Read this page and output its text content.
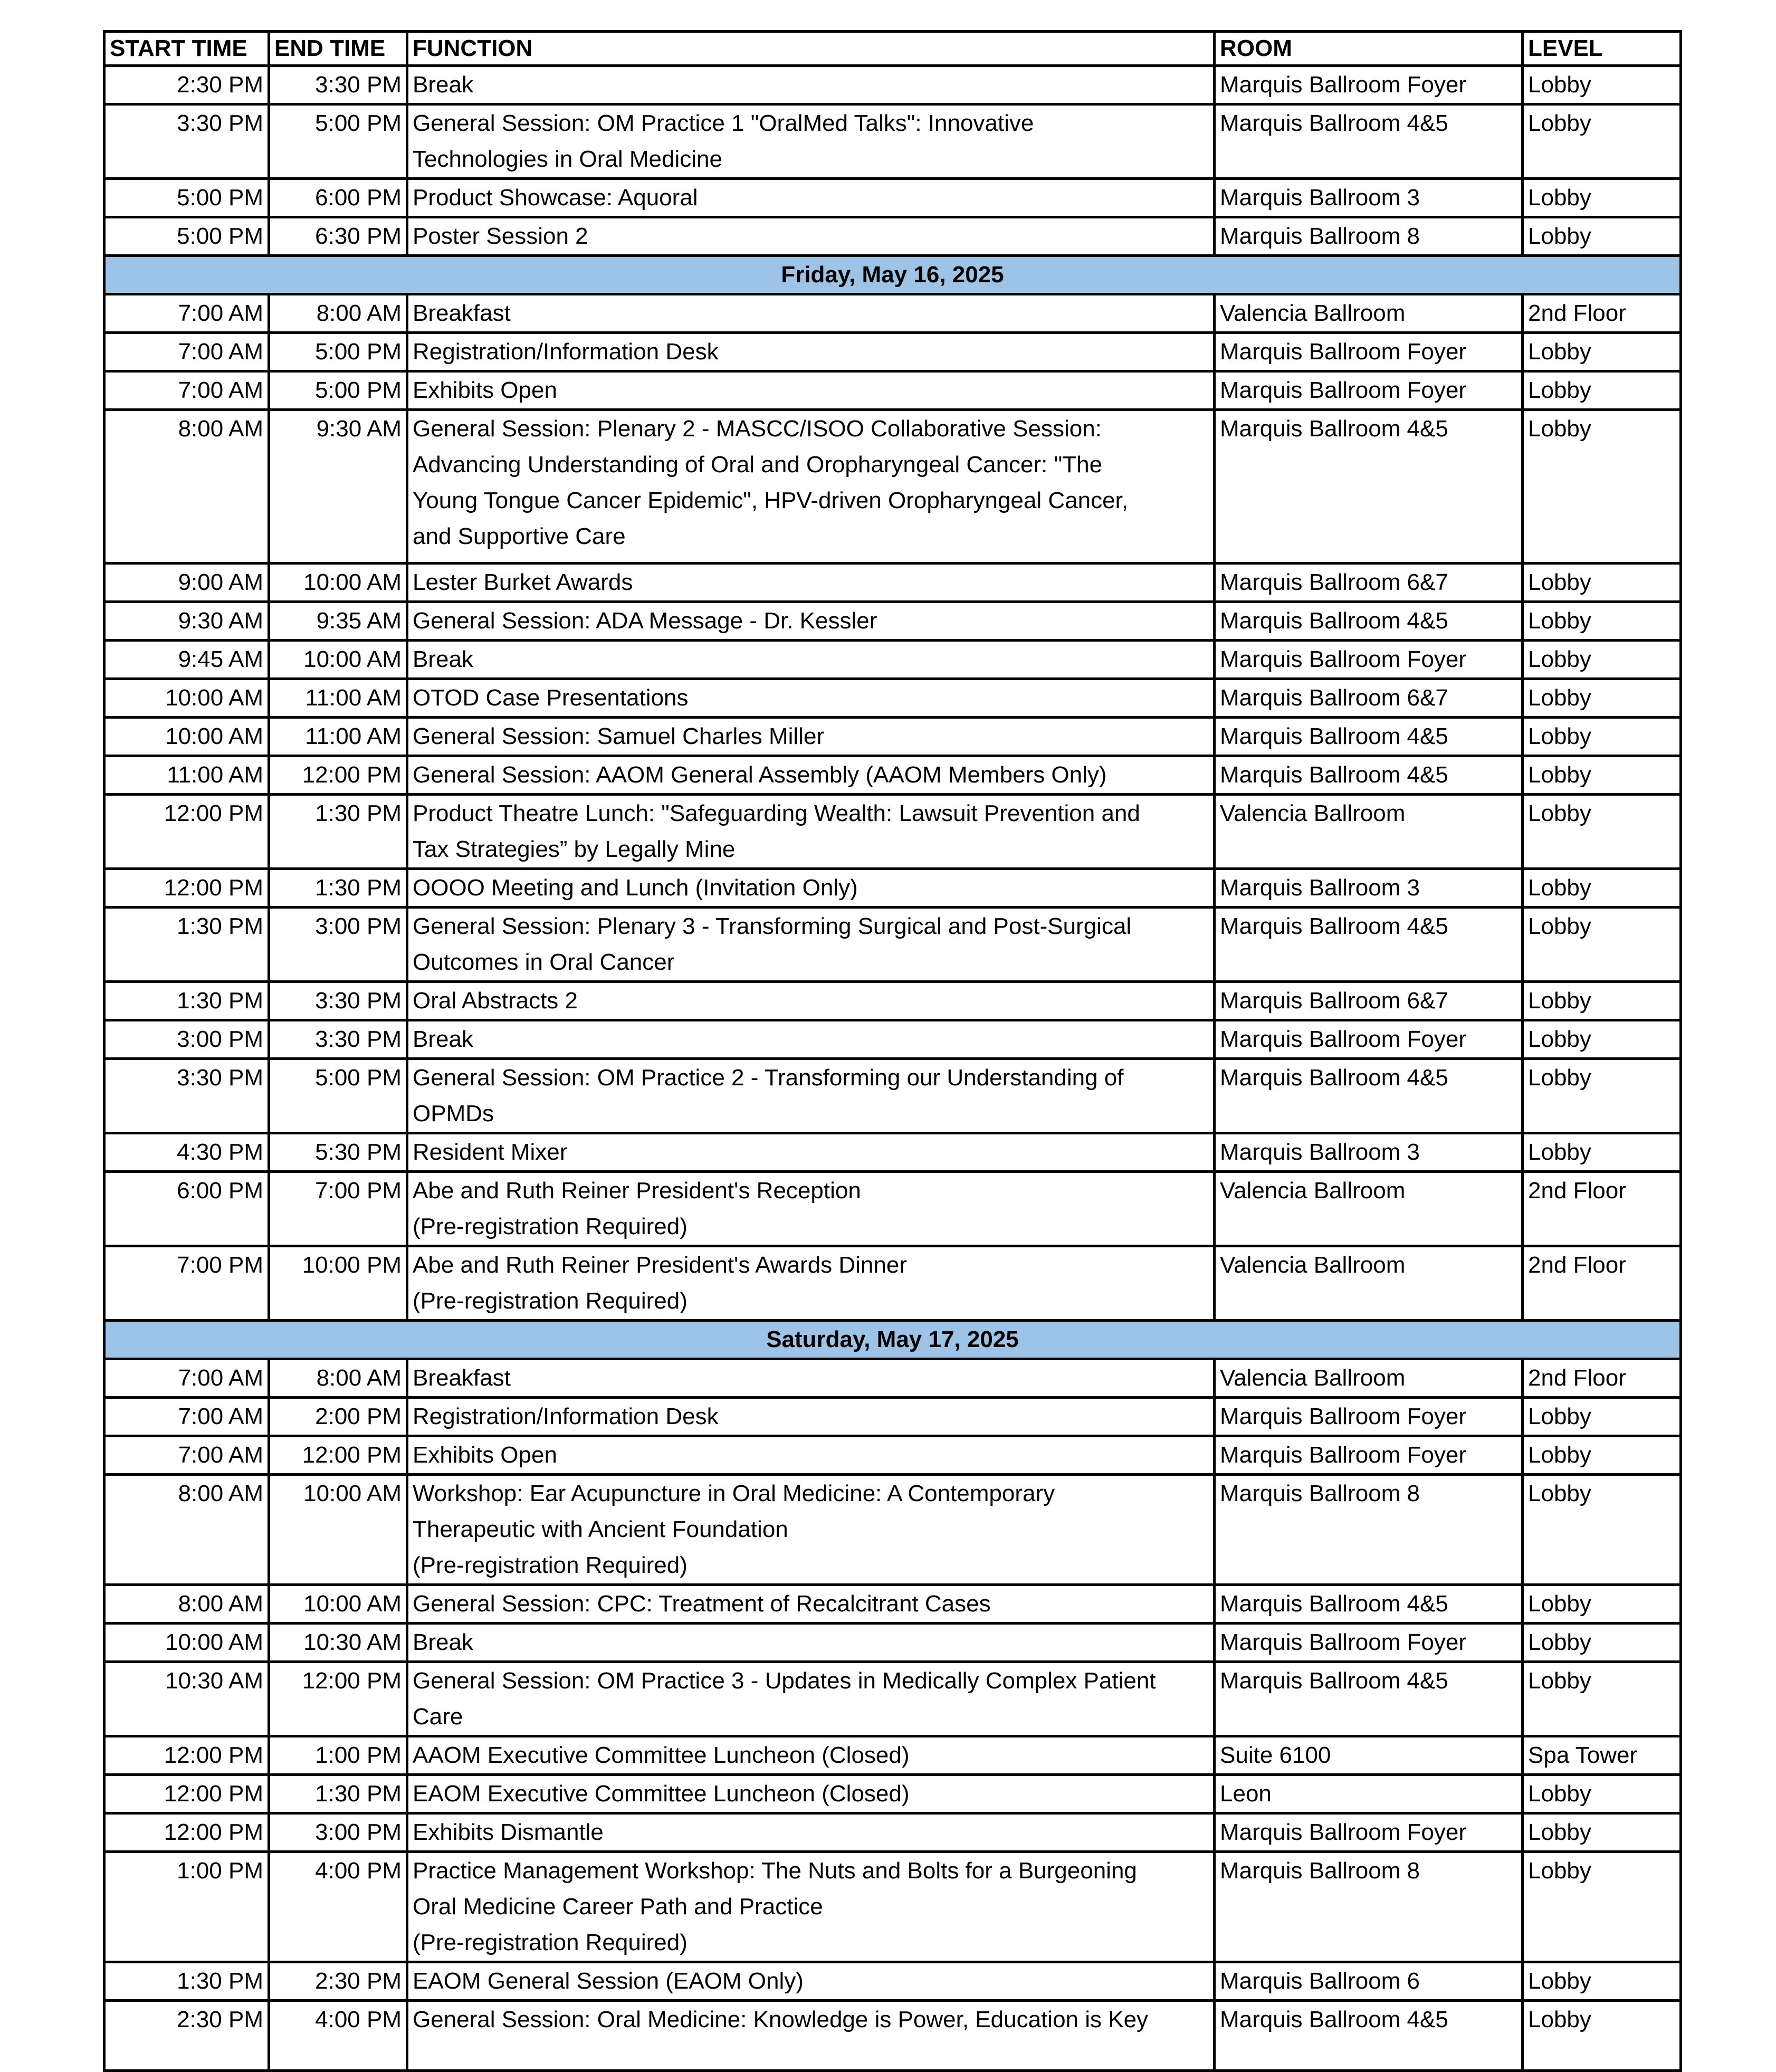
START TIME	END TIME	FUNCTION	ROOM	LEVEL
2:30 PM	3:30 PM	Break	Marquis Ballroom Foyer	Lobby
3:30 PM	5:00 PM	General Session: OM Practice 1 "OralMed Talks": Innovative
Technologies in Oral Medicine	Marquis Ballroom 4&5	Lobby
5:00 PM	6:00 PM	Product Showcase: Aquoral	Marquis Ballroom 3	Lobby
5:00 PM	6:30 PM	Poster Session 2	Marquis Ballroom 8	Lobby
Friday, May 16, 2025				
7:00 AM	8:00 AM	Breakfast	Valencia Ballroom	2nd Floor
7:00 AM	5:00 PM	Registration/Information Desk	Marquis Ballroom Foyer	Lobby
7:00 AM	5:00 PM	Exhibits Open	Marquis Ballroom Foyer	Lobby
8:00 AM	9:30 AM	General Session: Plenary 2 - MASCC/ISOO Collaborative Session:
Advancing Understanding of Oral and Oropharyngeal Cancer: "The
Young Tongue Cancer Epidemic", HPV-driven Oropharyngeal Cancer,
and Supportive Care	Marquis Ballroom 4&5	Lobby
9:00 AM	10:00 AM	Lester Burket Awards	Marquis Ballroom 6&7	Lobby
9:30 AM	9:35 AM	General Session: ADA Message - Dr. Kessler	Marquis Ballroom 4&5	Lobby
9:45 AM	10:00 AM	Break	Marquis Ballroom Foyer	Lobby
10:00 AM	11:00 AM	OTOD Case Presentations	Marquis Ballroom 6&7	Lobby
10:00 AM	11:00 AM	General Session: Samuel Charles Miller	Marquis Ballroom 4&5	Lobby
11:00 AM	12:00 PM	General Session: AAOM General Assembly (AAOM Members Only)	Marquis Ballroom 4&5	Lobby
12:00 PM	1:30 PM	Product Theatre Lunch: "Safeguarding Wealth: Lawsuit Prevention and
Tax Strategies” by Legally Mine	Valencia Ballroom	Lobby
12:00 PM	1:30 PM	OOOO Meeting and Lunch (Invitation Only)	Marquis Ballroom 3	Lobby
1:30 PM	3:00 PM	General Session: Plenary 3 - Transforming Surgical and Post-Surgical
Outcomes in Oral Cancer	Marquis Ballroom 4&5	Lobby
1:30 PM	3:30 PM	Oral Abstracts 2	Marquis Ballroom 6&7	Lobby
3:00 PM	3:30 PM	Break	Marquis Ballroom Foyer	Lobby
3:30 PM	5:00 PM	General Session: OM Practice 2 - Transforming our Understanding of
OPMDs	Marquis Ballroom 4&5	Lobby
4:30 PM	5:30 PM	Resident Mixer	Marquis Ballroom 3	Lobby
6:00 PM	7:00 PM	Abe and Ruth Reiner President's Reception
(Pre-registration Required)	Valencia Ballroom	2nd Floor
7:00 PM	10:00 PM	Abe and Ruth Reiner President's Awards Dinner
(Pre-registration Required)	Valencia Ballroom	2nd Floor
Saturday, May 17, 2025				
7:00 AM	8:00 AM	Breakfast	Valencia Ballroom	2nd Floor
7:00 AM	2:00 PM	Registration/Information Desk	Marquis Ballroom Foyer	Lobby
7:00 AM	12:00 PM	Exhibits Open	Marquis Ballroom Foyer	Lobby
8:00 AM	10:00 AM	Workshop: Ear Acupuncture in Oral Medicine: A Contemporary
Therapeutic with Ancient Foundation
(Pre-registration Required)	Marquis Ballroom 8	Lobby
8:00 AM	10:00 AM	General Session: CPC: Treatment of Recalcitrant Cases	Marquis Ballroom 4&5	Lobby
10:00 AM	10:30 AM	Break	Marquis Ballroom Foyer	Lobby
10:30 AM	12:00 PM	General Session: OM Practice 3 - Updates in Medically Complex Patient
Care	Marquis Ballroom 4&5	Lobby
12:00 PM	1:00 PM	AAOM Executive Committee Luncheon (Closed)	Suite 6100	Spa Tower
12:00 PM	1:30 PM	EAOM Executive Committee Luncheon (Closed)	Leon	Lobby
12:00 PM	3:00 PM	Exhibits Dismantle	Marquis Ballroom Foyer	Lobby
1:00 PM	4:00 PM	Practice Management Workshop: The Nuts and Bolts for a Burgeoning
Oral Medicine Career Path and Practice
(Pre-registration Required)	Marquis Ballroom 8	Lobby
1:30 PM	2:30 PM	EAOM General Session (EAOM Only)	Marquis Ballroom 6	Lobby
2:30 PM	4:00 PM	General Session: Oral Medicine: Knowledge is Power, Education is Key	Marquis Ballroom 4&5	Lobby
